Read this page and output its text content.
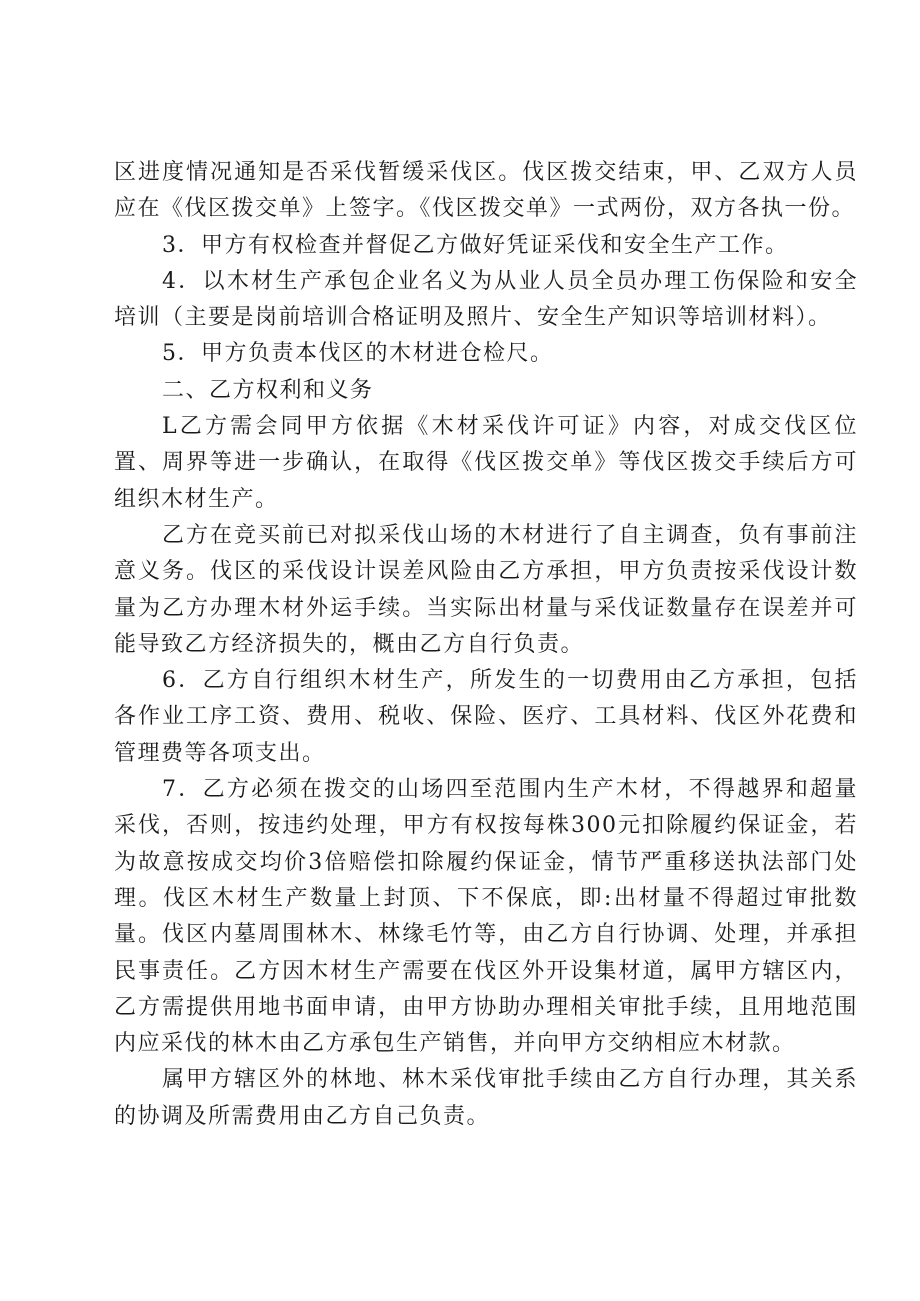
区进度情况通知是否采伐暂缓采伐区。伐区拨交结束，甲、乙双方人员应在《伐区拨交单》上签字。《伐区拨交单》一式两份，双方各执一份。

3．甲方有权检查并督促乙方做好凭证采伐和安全生产工作。

4．以木材生产承包企业名义为从业人员全员办理工伤保险和安全培训（主要是岗前培训合格证明及照片、安全生产知识等培训材料）。

5．甲方负责本伐区的木材进仓检尺。

二、乙方权利和义务

L乙方需会同甲方依据《木材采伐许可证》内容，对成交伐区位置、周界等进一步确认，在取得《伐区拨交单》等伐区拨交手续后方可组织木材生产。

乙方在竞买前已对拟采伐山场的木材进行了自主调查，负有事前注意义务。伐区的采伐设计误差风险由乙方承担，甲方负责按采伐设计数量为乙方办理木材外运手续。当实际出材量与采伐证数量存在误差并可能导致乙方经济损失的，概由乙方自行负责。

6．乙方自行组织木材生产，所发生的一切费用由乙方承担，包括各作业工序工资、费用、税收、保险、医疗、工具材料、伐区外花费和管理费等各项支出。

7．乙方必须在拨交的山场四至范围内生产木材，不得越界和超量采伐，否则，按违约处理，甲方有权按每株300元扣除履约保证金，若为故意按成交均价3倍赔偿扣除履约保证金，情节严重移送执法部门处理。伐区木材生产数量上封顶、下不保底，即:出材量不得超过审批数量。伐区内墓周围林木、林缘毛竹等，由乙方自行协调、处理，并承担民事责任。乙方因木材生产需要在伐区外开设集材道，属甲方辖区内，乙方需提供用地书面申请，由甲方协助办理相关审批手续，且用地范围内应采伐的林木由乙方承包生产销售，并向甲方交纳相应木材款。

属甲方辖区外的林地、林木采伐审批手续由乙方自行办理，其关系的协调及所需费用由乙方自己负责。
